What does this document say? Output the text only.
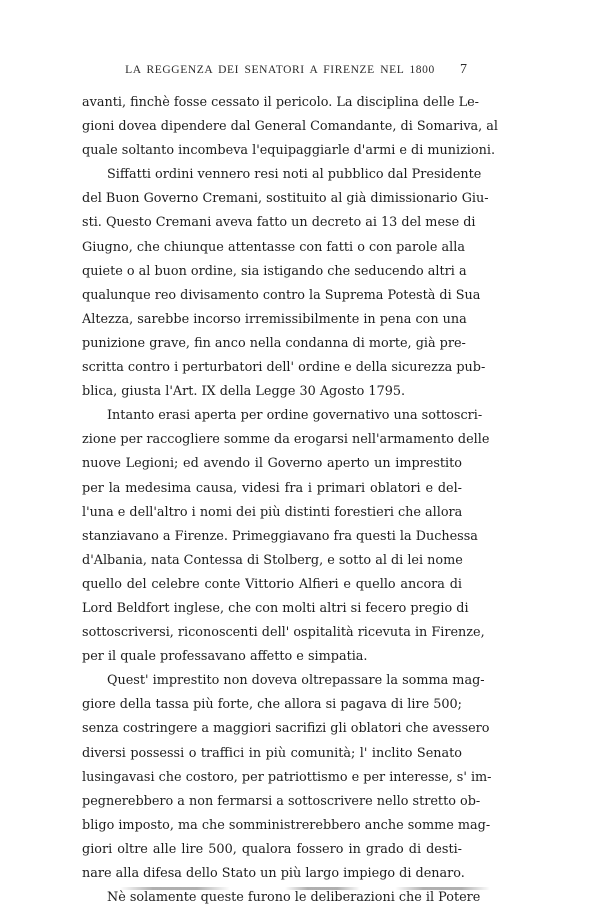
LA REGGENZA DEI SENATORI A FIRENZE NEL 1800	7
avanti, finchè fosse cessato il pericolo. La disciplina delle Le-
gioni dovea dipendere dal General Comandante, di Somariva, al
quale soltanto incombeva l'equipaggiarle d'armi e di munizioni.
Siffatti ordini vennero resi noti al pubblico dal Presidente
del Buon Governo Cremani, sostituito al già dimissionario Giu-
sti. Questo Cremani aveva fatto un decreto ai 13 del mese di
Giugno, che chiunque attentasse con fatti o con parole alla
quiete o al buon ordine, sia istigando che seducendo altri a
qualunque reo divisamento contro la Suprema Potestà di Sua
Altezza, sarebbe incorso irremissibilmente in pena con una
punizione grave, fin anco nella condanna di morte, già pre-
scritta contro i perturbatori dell' ordine e della sicurezza pub-
blica, giusta l'Art. IX della Legge 30 Agosto 1795.
Intanto erasi aperta per ordine governativo una sottoscri-
zione per raccogliere somme da erogarsi nell'armamento delle
nuove Legioni; ed avendo il Governo aperto un imprestito
per la medesima causa, videsi fra i primari oblatori e del-
l'una e dell'altro i nomi dei più distinti forestieri che allora
stanziavano a Firenze. Primeggiavano fra questi la Duchessa
d'Albania, nata Contessa di Stolberg, e sotto al di lei nome
quello del celebre conte Vittorio Alfieri e quello ancora di
Lord Beldfort inglese, che con molti altri si fecero pregio di
sottoscriversi, riconoscenti dell' ospitalità ricevuta in Firenze,
per il quale professavano affetto e simpatia.
Quest' imprestito non doveva oltrepassare la somma mag-
giore della tassa più forte, che allora si pagava di lire 500;
senza costringere a maggiori sacrifizi gli oblatori che avessero
diversi possessi o traffici in più comunità; l' inclito Senato
lusingavasi che costoro, per patriottismo e per interesse, s' im-
pegnerebbero a non fermarsi a sottoscrivere nello stretto ob-
bligo imposto, ma che somministrerebbero anche somme mag-
giori oltre alle lire 500, qualora fossero in grado di desti-
nare alla difesa dello Stato un più largo impiego di denaro.
Nè solamente queste furono le deliberazioni che il Potere
